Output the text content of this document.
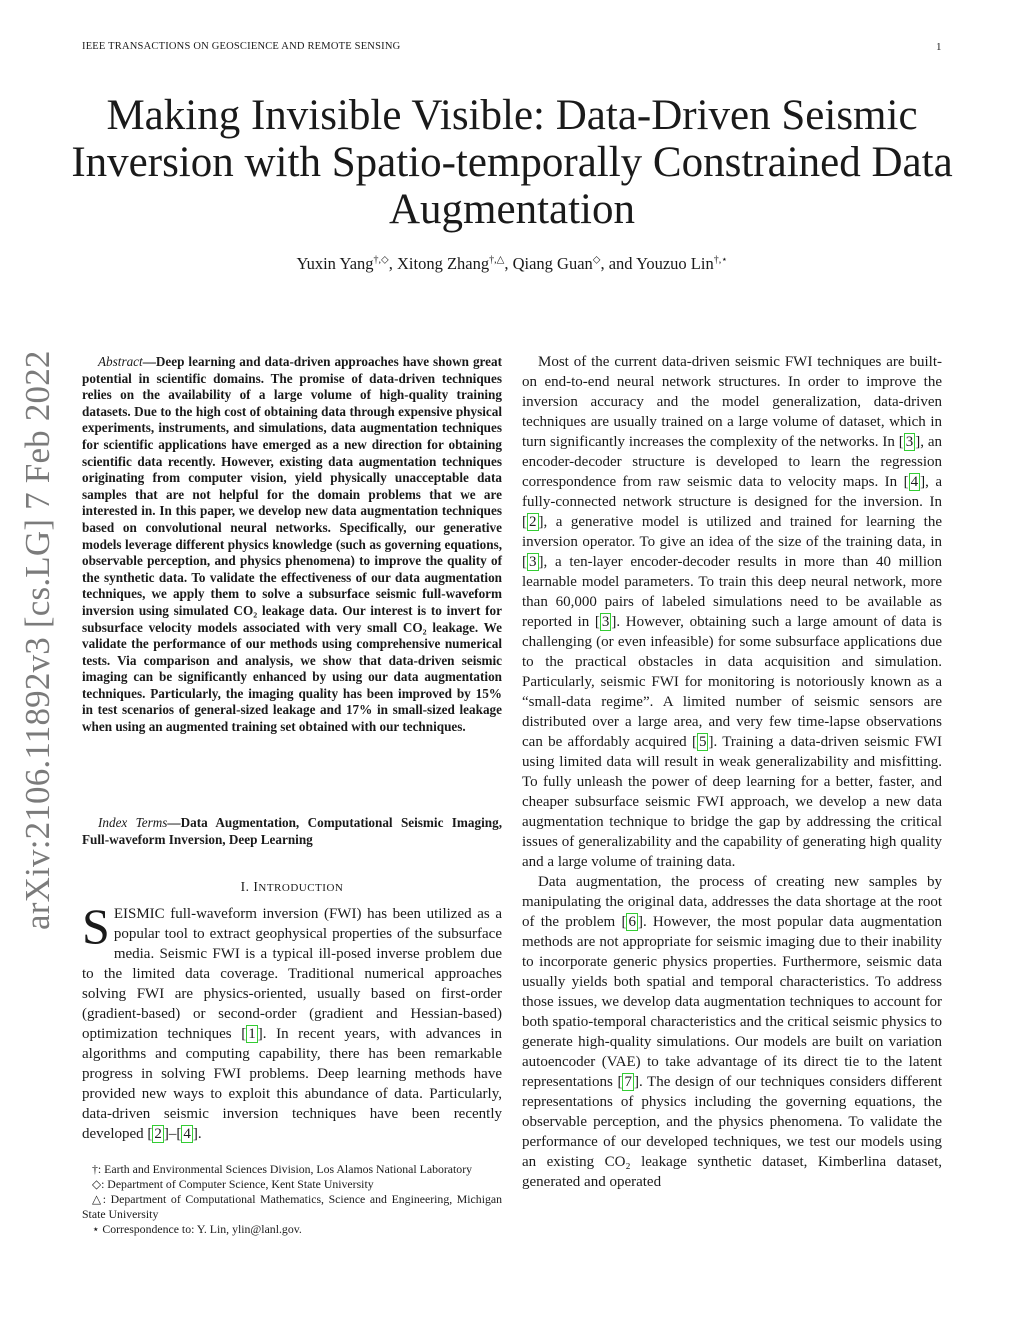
IEEE TRANSACTIONS ON GEOSCIENCE AND REMOTE SENSING	1
Making Invisible Visible: Data-Driven Seismic Inversion with Spatio-temporally Constrained Data Augmentation
Yuxin Yang†,◇, Xitong Zhang†,△, Qiang Guan◇, and Youzuo Lin†,⋆
arXiv:2106.11892v3 [cs.LG] 7 Feb 2022	Abstract—Deep learning and data-driven approaches have shown great potential in scientific domains. The promise of data-driven techniques relies on the availability of a large volume of high-quality training datasets. Due to the high cost of obtaining data through expensive physical experiments, instruments, and simulations, data augmentation techniques for scientific applications have emerged as a new direction for obtaining scientific data recently. However, existing data augmentation techniques originating from computer vision, yield physically unacceptable data samples that are not helpful for the domain problems that we are interested in. In this paper, we develop new data augmentation techniques based on convolutional neural networks. Specifically, our generative models leverage different physics knowledge (such as governing equations, observable perception, and physics phenomena) to improve the quality of the synthetic data. To validate the effectiveness of our data augmentation techniques, we apply them to solve a subsurface seismic full-waveform inversion using simulated CO₂ leakage data. Our interest is to invert for subsurface velocity models associated with very small CO₂ leakage. We validate the performance of our methods using comprehensive numerical tests. Via comparison and analysis, we show that data-driven seismic imaging can be significantly enhanced by using our data augmentation techniques. Particularly, the imaging quality has been improved by 15% in test scenarios of general-sized leakage and 17% in small-sized leakage when using an augmented training set obtained with our techniques.
Index Terms—Data Augmentation, Computational Seismic Imaging, Full-waveform Inversion, Deep Learning
I. INTRODUCTION
SEISMIC full-waveform inversion (FWI) has been utilized as a popular tool to extract geophysical properties of the subsurface media. Seismic FWI is a typical ill-posed inverse problem due to the limited data coverage. Traditional numerical approaches solving FWI are physics-oriented, usually based on first-order (gradient-based) or second-order (gradient and Hessian-based) optimization techniques [ 1 ]. In recent years, with advances in algorithms and computing capability, there has been remarkable progress in solving FWI problems. Deep learning methods have provided new ways to exploit this abundance of data. Particularly, data-driven seismic inversion techniques have been recently developed [ 2 ]–[ 4 ].

†: Earth and Environmental Sciences Division, Los Alamos National Laboratory

◇: Department of Computer Science, Kent State University

△: Department of Computational Mathematics, Science and Engineering, Michigan State University

⋆ Correspondence to: Y. Lin, ylin@lanl.gov.

Most of the current data-driven seismic FWI techniques are built-on end-to-end neural network structures. In order to improve the inversion accuracy and the model generalization, data-driven techniques are usually trained on a large volume of dataset, which in turn significantly increases the complexity of the networks. In [ 3 ], an encoder-decoder structure is developed to learn the regression correspondence from raw seismic data to velocity maps. In [ 4 ], a fully-connected network structure is designed for the inversion. In [ 2 ], a generative model is utilized and trained for learning the inversion operator. To give an idea of the size of the training data, in [ 3 ], a ten-layer encoder-decoder results in more than 40 million learnable model parameters. To train this deep neural network, more than 60,000 pairs of labeled simulations need to be available as reported in [ 3 ]. However, obtaining such a large amount of data is challenging (or even infeasible) for some subsurface applications due to the practical obstacles in data acquisition and simulation. Particularly, seismic FWI for monitoring is notoriously known as a “small-data regime”. A limited number of seismic sensors are distributed over a large area, and very few time-lapse observations can be affordably acquired [ 5 ]. Training a data-driven seismic FWI using limited data will result in weak generalizability and misfitting. To fully unleash the power of deep learning for a better, faster, and cheaper subsurface seismic FWI approach, we develop a new data augmentation technique to bridge the gap by addressing the critical issues of generalizability and the capability of generating high quality and a large volume of training data.

Data augmentation, the process of creating new samples by manipulating the original data, addresses the data shortage at the root of the problem [ 6 ]. However, the most popular data augmentation methods are not appropriate for seismic imaging due to their inability to incorporate generic physics properties. Furthermore, seismic data usually yields both spatial and temporal characteristics. To address those issues, we develop data augmentation techniques to account for both spatio-temporal characteristics and the critical seismic physics to generate high-quality simulations. Our models are built on variation autoencoder (VAE) to take advantage of its direct tie to the latent representations [ 7 ]. The design of our techniques considers different representations of physics including the governing equations, the observable perception, and the physics phenomena. To validate the performance of our developed techniques, we test our models using an existing CO₂ leakage synthetic dataset, Kimberlina dataset, generated and operated
